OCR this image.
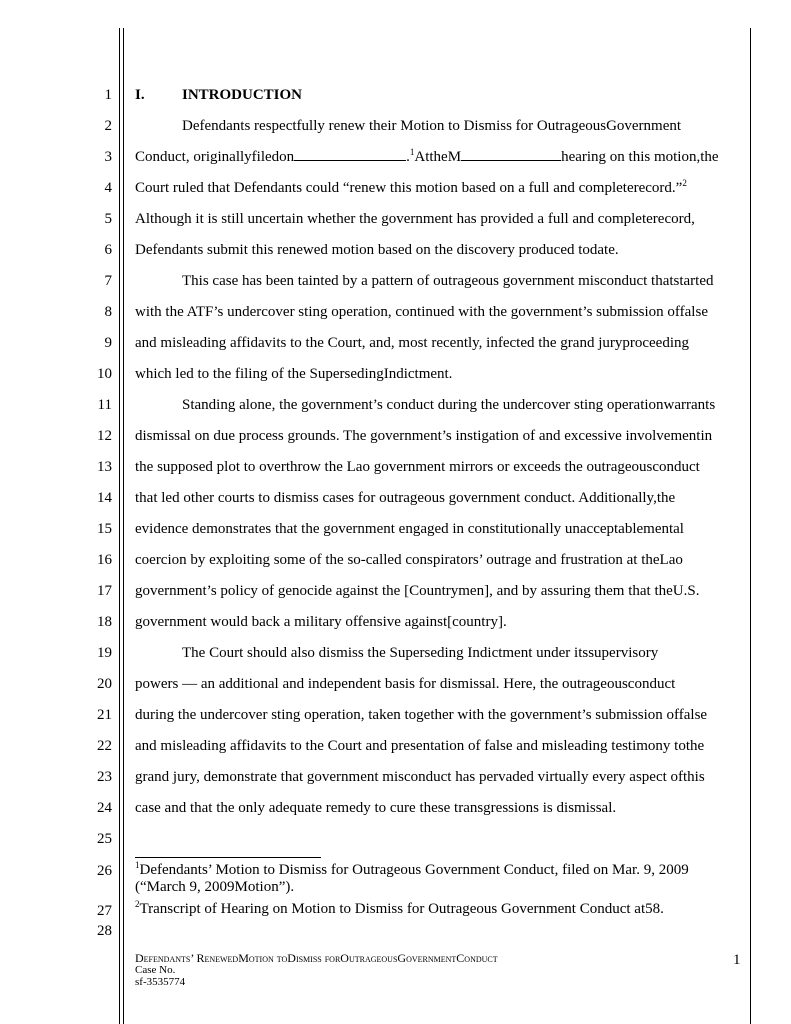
1
2
3
4
5
6
7
8
9
10
11
12
13
14
15
16
17
18
19
20
21
22
23
24
25
26
27
28
I. INTRODUCTION
Defendants respectfully renew their Motion to Dismiss for OutrageousGovernment
Conduct, originallyfiledon	.$^1$AttheM	hearing on this motion,the
Court ruled that Defendants could “renew this motion based on a full and completerecord.”$^2$
Although it is still uncertain whether the government has provided a full and completerecord,
Defendants submit this renewed motion based on the discovery produced todate.
This case has been tainted by a pattern of outrageous government misconduct thatstarted
with the ATF’s undercover sting operation, continued with the government’s submission offalse
and misleading affidavits to the Court, and, most recently, infected the grand juryproceeding
which led to the filing of the SupersedingIndictment.
Standing alone, the government’s conduct during the undercover sting operationwarrants
dismissal on due process grounds. The government’s instigation of and excessive involvementin
the supposed plot to overthrow the Lao government mirrors or exceeds the outrageousconduct
that led other courts to dismiss cases for outrageous government conduct. Additionally,the
evidence demonstrates that the government engaged in constitutionally unacceptablemental
coercion by exploiting some of the so-called conspirators’ outrage and frustration at theLao
government’s policy of genocide against the [Countrymen], and by assuring them that theU.S.
government would back a military offensive against[country].
The Court should also dismiss the Superseding Indictment under itssupervisory
powers — an additional and independent basis for dismissal. Here, the outrageousconduct
during the undercover sting operation, taken together with the government’s submission offalse
and misleading affidavits to the Court and presentation of false and misleading testimony tothe
grand jury, demonstrate that government misconduct has pervaded virtually every aspect ofthis
case and that the only adequate remedy to cure these transgressions is dismissal.
$^1$Defendants’ Motion to Dismiss for Outrageous Government Conduct, filed on Mar. 9, 2009
(“March 9, 2009Motion”).
$^2$Transcript of Hearing on Motion to Dismiss for Outrageous Government Conduct at58.
Defendants’ RenewedMotion toDismiss forOutrageousGovernmentConduct
Case No.
sf-3535774
1
